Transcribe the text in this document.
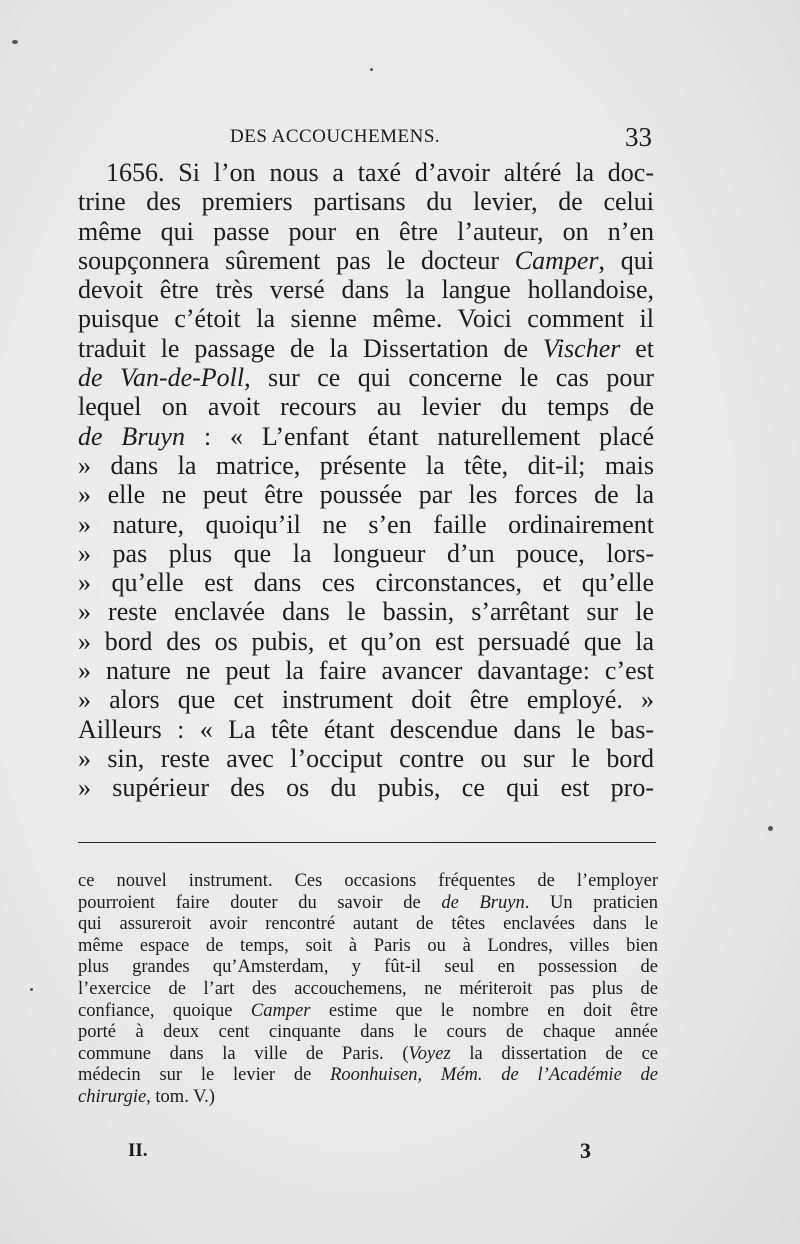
DES ACCOUCHEMENS.	33
1656. Si l’on nous a taxé d’avoir altéré la doc-
trine des premiers partisans du levier, de celui
même qui passe pour en être l’auteur, on n’en
soupçonnera sûrement pas le docteur Camper, qui
devoit être très versé dans la langue hollandoise,
puisque c’étoit la sienne même. Voici comment il
traduit le passage de la Dissertation de Vischer et
de Van-de-Poll, sur ce qui concerne le cas pour
lequel on avoit recours au levier du temps de
de Bruyn : « L’enfant étant naturellement placé
» dans la matrice, présente la tête, dit-il; mais
» elle ne peut être poussée par les forces de la
» nature, quoiqu’il ne s’en faille ordinairement
» pas plus que la longueur d’un pouce, lors-
» qu’elle est dans ces circonstances, et qu’elle
» reste enclavée dans le bassin, s’arrêtant sur le
» bord des os pubis, et qu’on est persuadé que la
» nature ne peut la faire avancer davantage: c’est
» alors que cet instrument doit être employé. »
Ailleurs : « La tête étant descendue dans le bas-
» sin, reste avec l’occiput contre ou sur le bord
» supérieur des os du pubis, ce qui est pro-
ce nouvel instrument. Ces occasions fréquentes de l’employer
pourroient faire douter du savoir de de Bruyn. Un praticien
qui assureroit avoir rencontré autant de têtes enclavées dans le
même espace de temps, soit à Paris ou à Londres, villes bien
plus grandes qu’Amsterdam, y fût-il seul en possession de
l’exercice de l’art des accouchemens, ne mériteroit pas plus de
confiance, quoique Camper estime que le nombre en doit être
porté à deux cent cinquante dans le cours de chaque année
commune dans la ville de Paris. (Voyez la dissertation de ce
médecin sur le levier de Roonhuisen, Mém. de l’Académie de
chirurgie, tom. V.)
II.	3
